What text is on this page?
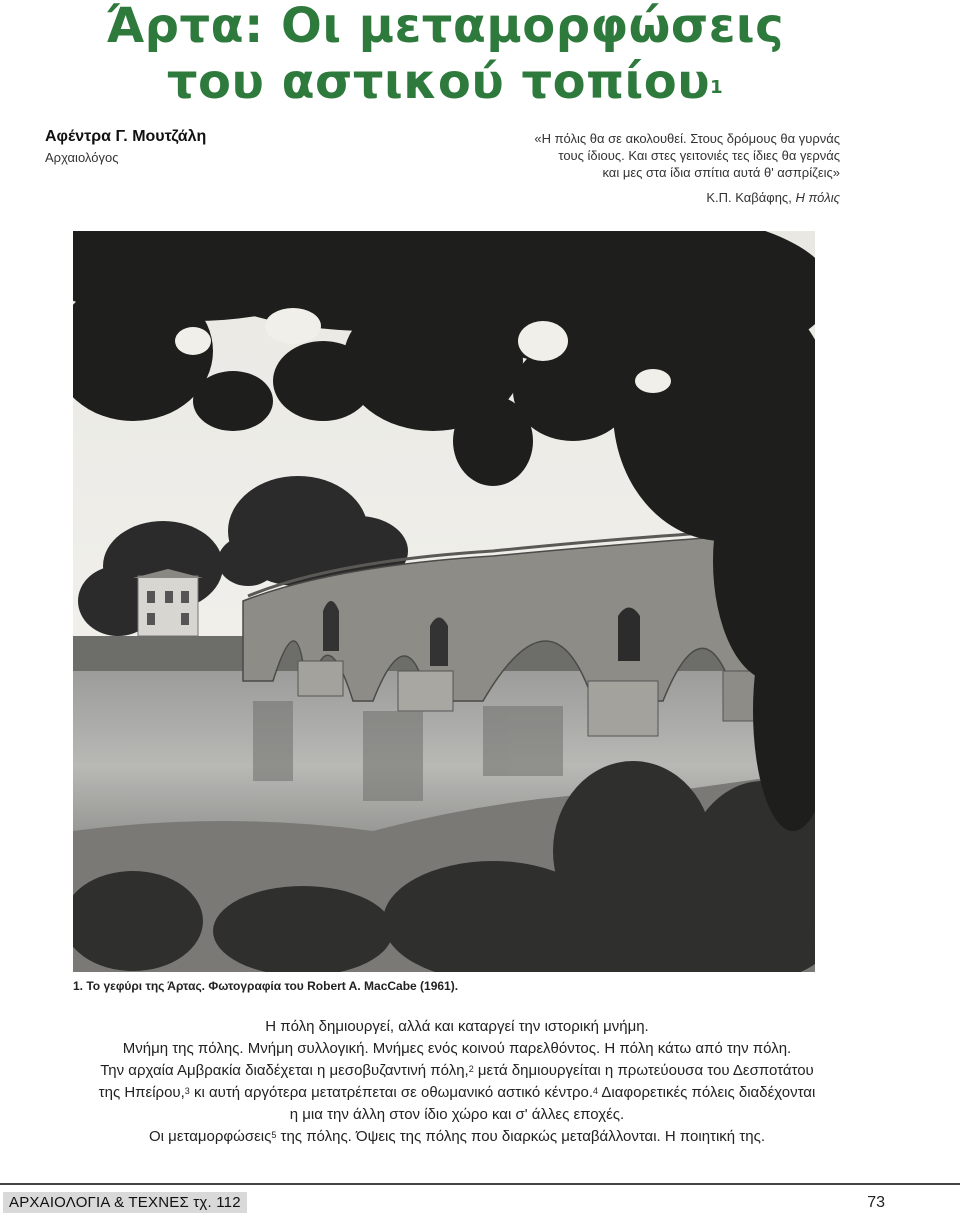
Άρτα: Οι μεταμορφώσεις
του αστικού τοπίου$^1$
Αφέντρα Γ. Μουτζάλη
Αρχαιολόγος
«Η πόλις θα σε ακολουθεί. Στους δρόμους θα γυρνάς
τους ίδιους. Και στες γειτονιές τες ίδιες θα γερνάς
και μες στα ίδια σπίτια αυτά θ' ασπρίζεις»
Κ.Π. Καβάφης, Η πόλις
1. Το γεφύρι της Άρτας. Φωτογραφία του Robert A. MacCabe (1961).
Η πόλη δημιουργεί, αλλά και καταργεί την ιστορική μνήμη.
Μνήμη της πόλης. Μνήμη συλλογική. Μνήμες ενός κοινού παρελθόντος. Η πόλη κάτω από την πόλη.
Την αρχαία Αμβρακία διαδέχεται η μεσοβυζαντινή πόλη,$^2$ μετά δημιουργείται η πρωτεύουσα του Δεσποτάτου
της Ηπείρου,$^3$ κι αυτή αργότερα μετατρέπεται σε οθωμανικό αστικό κέντρο.$^4$ Διαφορετικές πόλεις διαδέχονται
η μια την άλλη στον ίδιο χώρο και σ' άλλες εποχές.
Οι μεταμορφώσεις$^5$ της πόλης. Όψεις της πόλης που διαρκώς μεταβάλλονται. Η ποιητική της.
ΑΡΧΑΙΟΛΟΓΙΑ & ΤΕΧΝΕΣ τχ. 112	73
